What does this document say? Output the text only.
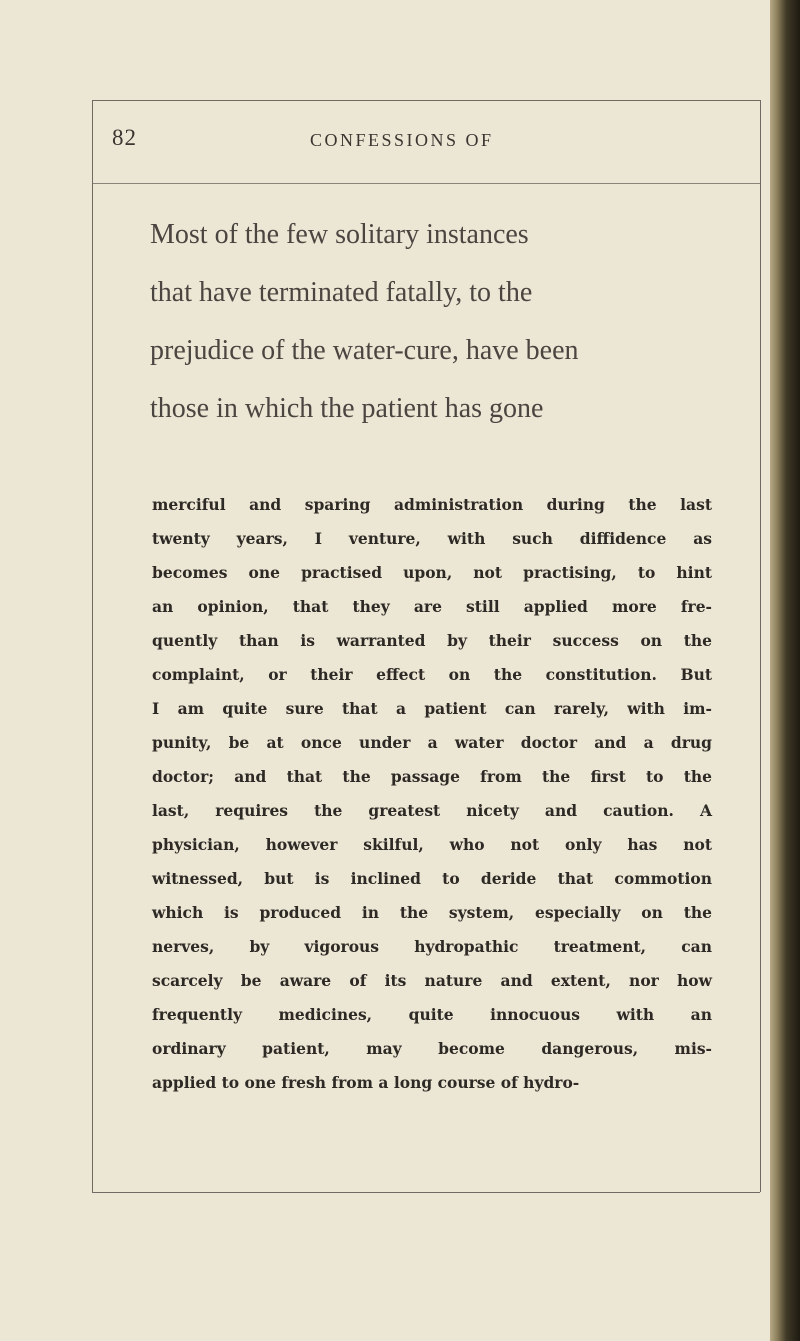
82	CONFESSIONS OF
Most of the few solitary instances
that have terminated fatally, to the
prejudice of the water-cure, have been
those in which the patient has gone
merciful and sparing administration during the last
twenty years, I venture, with such diffidence as
becomes one practised upon, not practising, to hint
an opinion, that they are still applied more fre-
quently than is warranted by their success on the
complaint, or their effect on the constitution. But
I am quite sure that a patient can rarely, with im-
punity, be at once under a water doctor and a drug
doctor; and that the passage from the first to the
last, requires the greatest nicety and caution. A
physician, however skilful, who not only has not
witnessed, but is inclined to deride that commotion
which is produced in the system, especially on the
nerves, by vigorous hydropathic treatment, can
scarcely be aware of its nature and extent, nor how
frequently medicines, quite innocuous with an
ordinary patient, may become dangerous, mis-
applied to one fresh from a long course of hydro-
